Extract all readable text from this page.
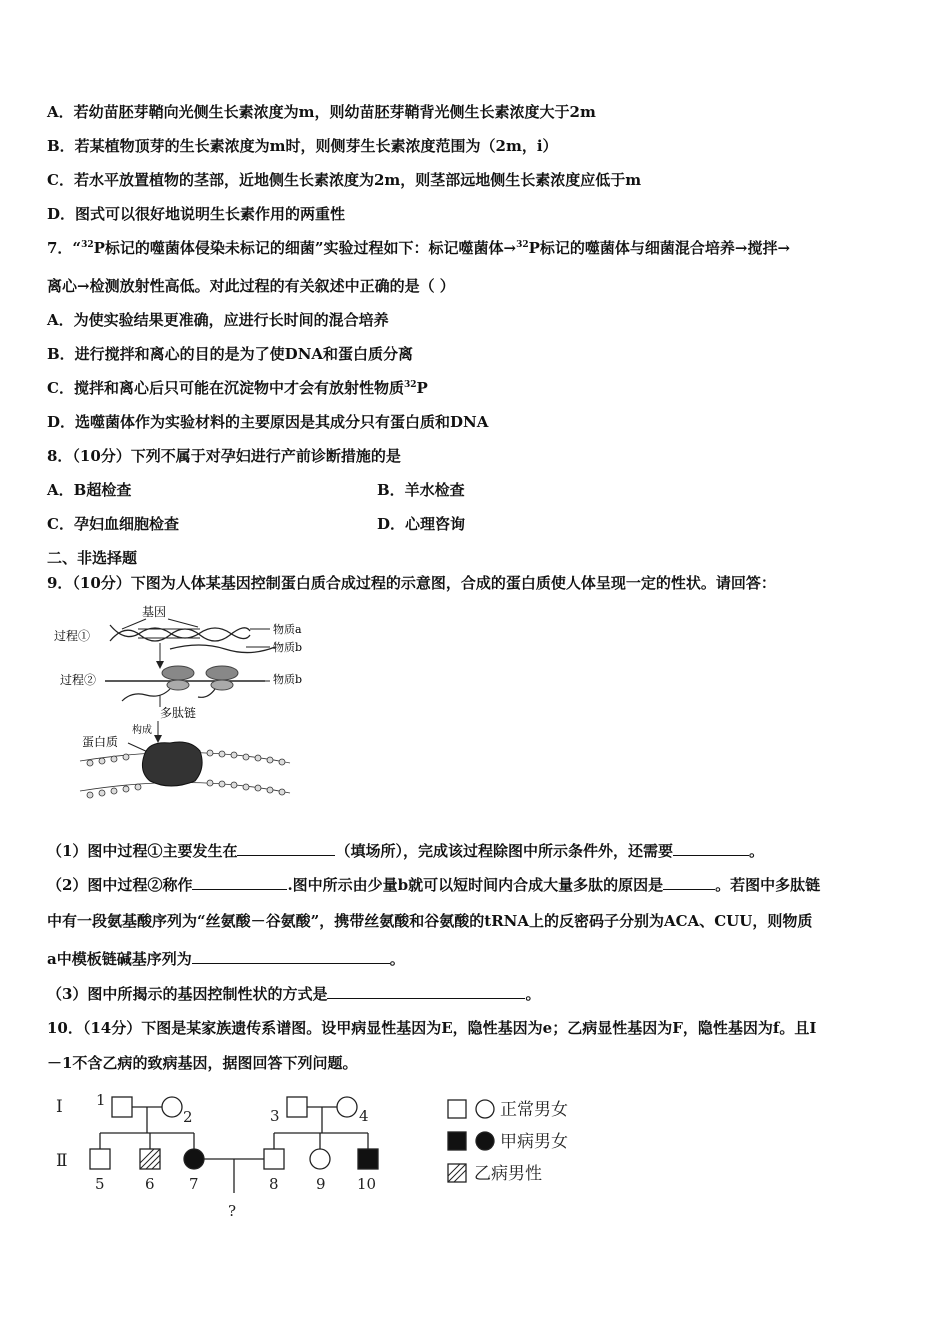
A．若幼苗胚芽鞘向光侧生长素浓度为m，则幼苗胚芽鞘背光侧生长素浓度大于2m
B．若某植物顶芽的生长素浓度为m时，则侧芽生长素浓度范围为（2m，i）
C．若水平放置植物的茎部，近地侧生长素浓度为2m，则茎部远地侧生长素浓度应低于m
D．图式可以很好地说明生长素作用的两重性
7．“$^{32}$P标记的噬菌体侵染未标记的细菌”实验过程如下：标记噬菌体→$^{32}$P标记的噬菌体与细菌混合培养→搅拌→
离心→检测放射性高低。对此过程的有关叙述中正确的是（ ）
A．为使实验结果更准确，应进行长时间的混合培养
B．进行搅拌和离心的目的是为了使DNA和蛋白质分离
C．搅拌和离心后只可能在沉淀物中才会有放射性物质$^{32}$P
D．选噬菌体作为实验材料的主要原因是其成分只有蛋白质和DNA
8．（10分）下列不属于对孕妇进行产前诊断措施的是
A．B超检查	B．羊水检查
C．孕妇血细胞检查	D．心理咨询
二、非选择题
9．（10分）下图为人体某基因控制蛋白质合成过程的示意图，合成的蛋白质使人体呈现一定的性状。请回答：
基因
过程①	物质a
物质b
过程②	物质b
多肽链
构成
蛋白质
（1）图中过程①主要发生在	（填场所），完成该过程除图中所示条件外，还需要	。
（2）图中过程②称作	.图中所示由少量b就可以短时间内合成大量多肽的原因是	。若图中多肽链
中有一段氨基酸序列为“丝氨酸－谷氨酸”，携带丝氨酸和谷氨酸的tRNA上的反密码子分别为ACA、CUU，则物质
a中模板链碱基序列为	。
（3）图中所揭示的基因控制性状的方式是	。
10．（14分）下图是某家族遗传系谱图。设甲病显性基因为E，隐性基因为e；乙病显性基因为F，隐性基因为f。且Ⅰ
－1不含乙病的致病基因，据图回答下列问题。
Ⅰ
Ⅱ
1
2	3	4
5	6 7	8 9 10
?
正常男女
甲病男女
乙病男性
